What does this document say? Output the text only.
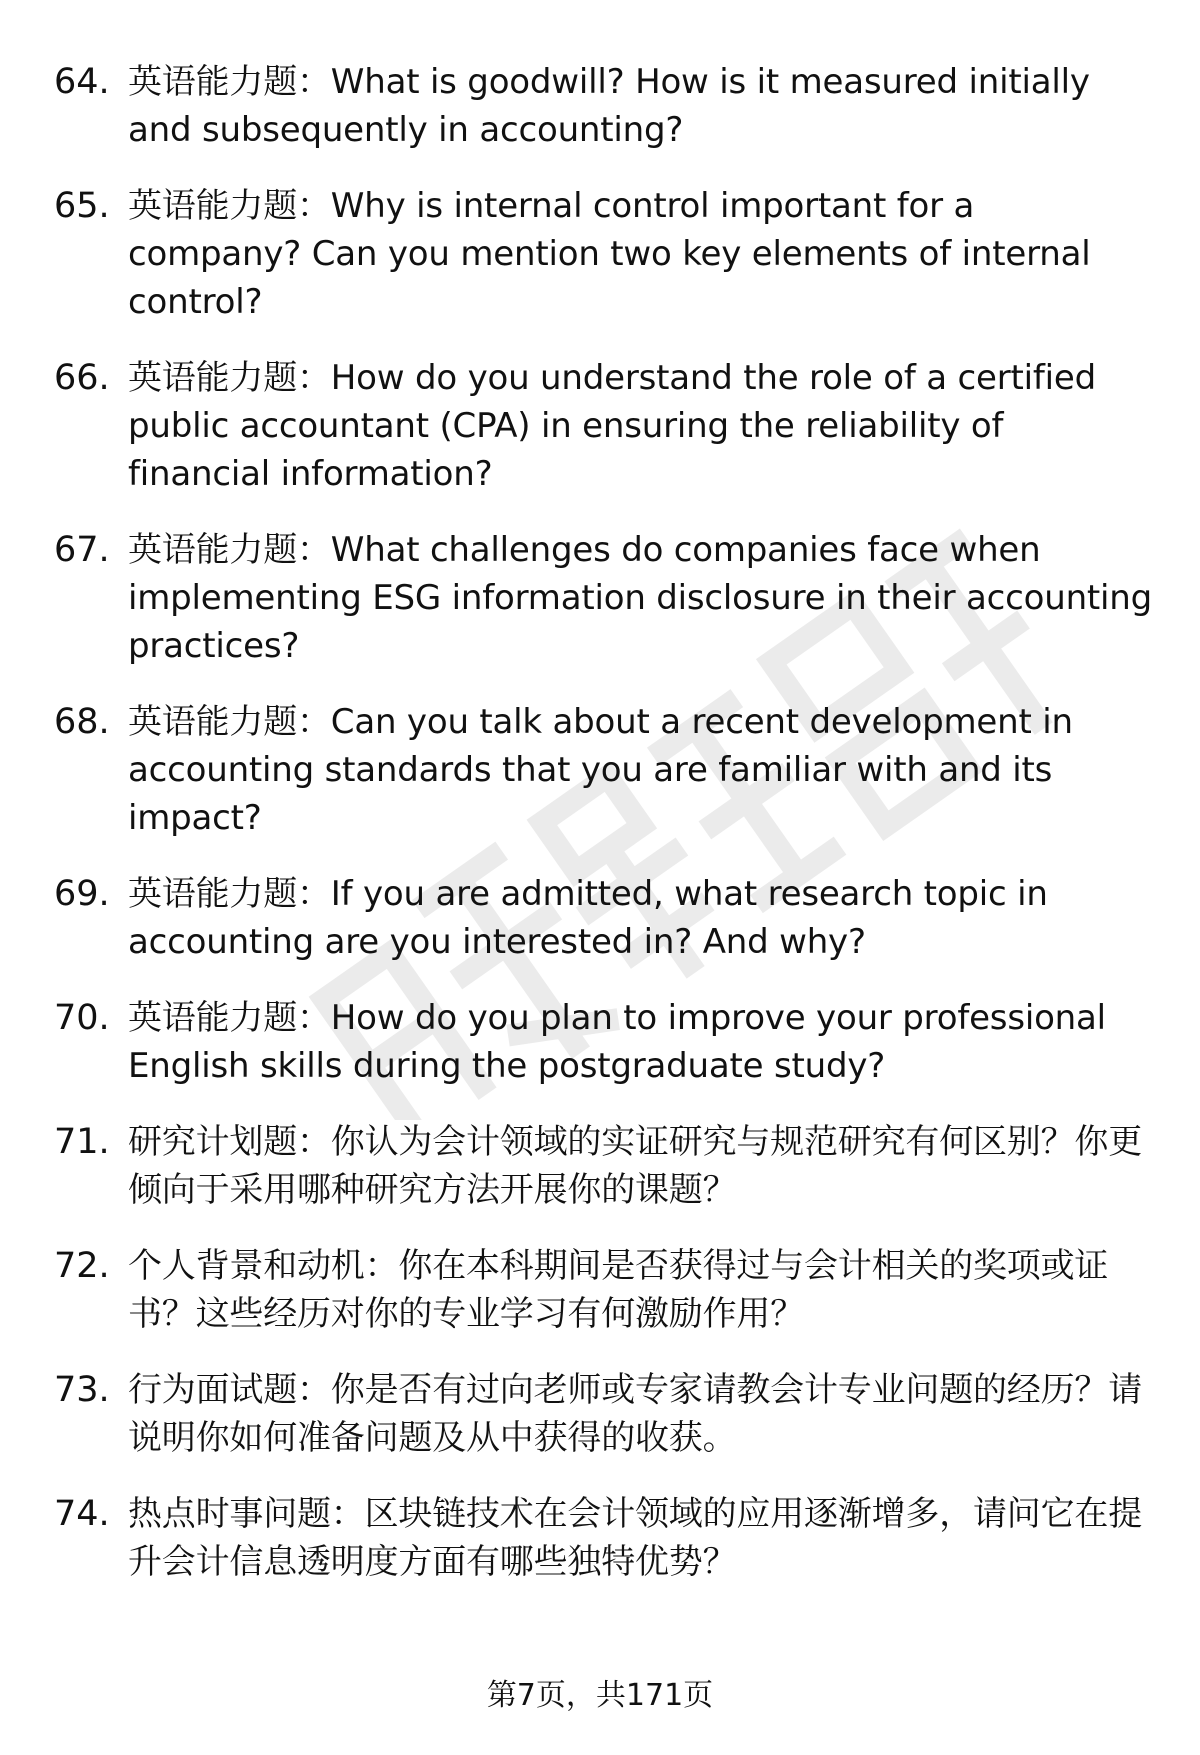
64. 英语能力题：What is goodwill? How is it measured initially and subsequently in accounting?
65. 英语能力题：Why is internal control important for a company? Can you mention two key elements of internal control?
66. 英语能力题：How do you understand the role of a certified public accountant (CPA) in ensuring the reliability of financial information?
67. 英语能力题：What challenges do companies face when implementing ESG information disclosure in their accounting practices?
68. 英语能力题：Can you talk about a recent development in accounting standards that you are familiar with and its impact?
69. 英语能力题：If you are admitted, what research topic in accounting are you interested in? And why?
70. 英语能力题：How do you plan to improve your professional English skills during the postgraduate study?
71. 研究计划题：你认为会计领域的实证研究与规范研究有何区别？你更倾向于采用哪种研究方法开展你的课题？
72. 个人背景和动机：你在本科期间是否获得过与会计相关的奖项或证书？这些经历对你的专业学习有何激励作用？
73. 行为面试题：你是否有过向老师或专家请教会计专业问题的经历？请说明你如何准备问题及从中获得的收获。
74. 热点时事问题：区块链技术在会计领域的应用逐渐增多，请问它在提升会计信息透明度方面有哪些独特优势？
第7页，共171页
